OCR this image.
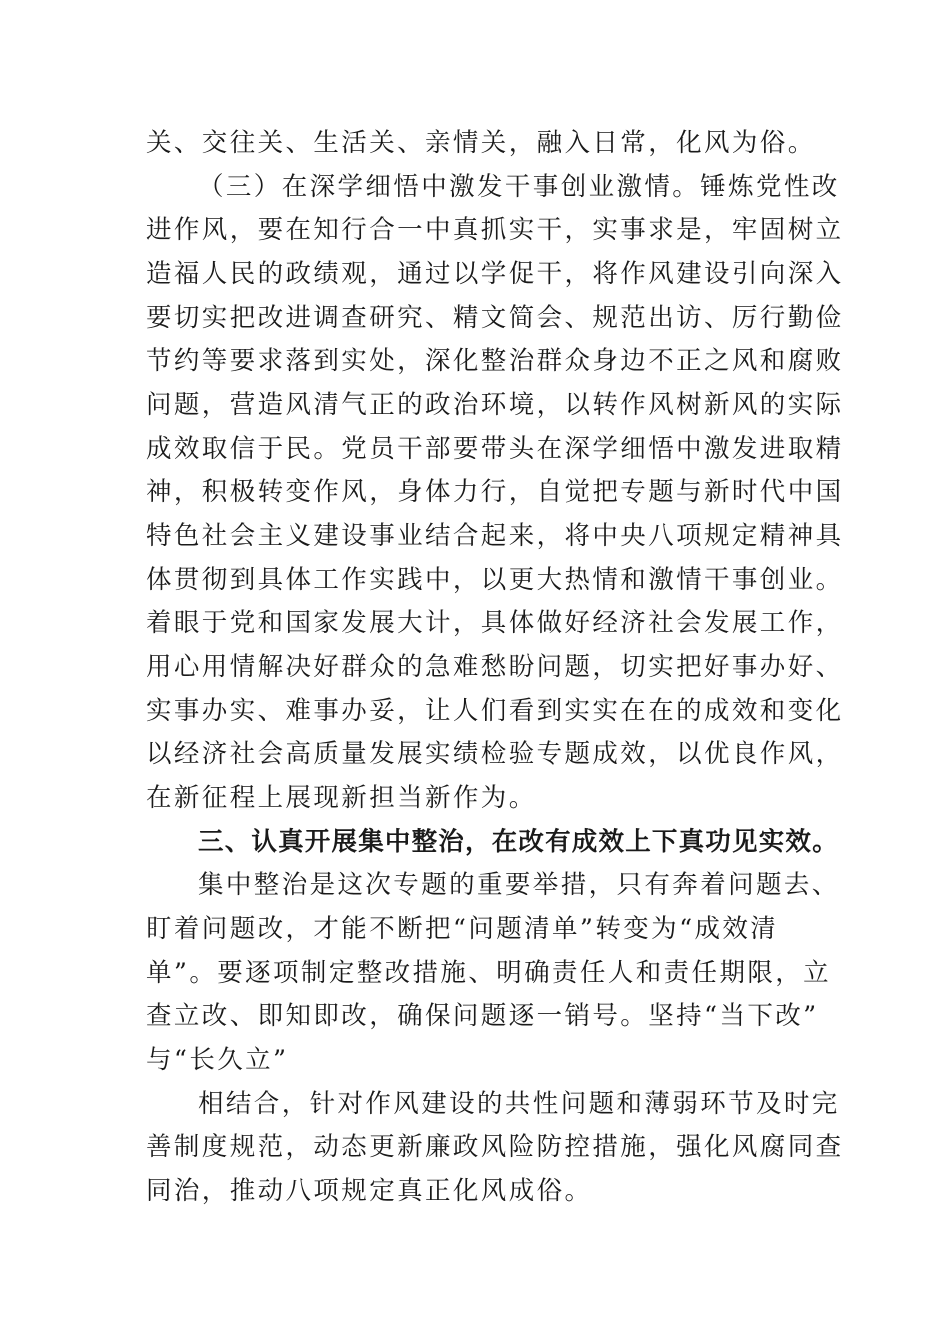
关、交往关、生活关、亲情关，融入日常，化风为俗。
（三）在深学细悟中激发干事创业激情。锤炼党性改
进作风，要在知行合一中真抓实干，实事求是，牢固树立
造福人民的政绩观，通过以学促干，将作风建设引向深入
要切实把改进调查研究、精文简会、规范出访、厉行勤俭
节约等要求落到实处，深化整治群众身边不正之风和腐败
问题，营造风清气正的政治环境，以转作风树新风的实际
成效取信于民。党员干部要带头在深学细悟中激发进取精
神，积极转变作风，身体力行，自觉把专题与新时代中国
特色社会主义建设事业结合起来，将中央八项规定精神具
体贯彻到具体工作实践中，以更大热情和激情干事创业。
着眼于党和国家发展大计，具体做好经济社会发展工作，
用心用情解决好群众的急难愁盼问题，切实把好事办好、
实事办实、难事办妥，让人们看到实实在在的成效和变化
以经济社会高质量发展实绩检验专题成效，以优良作风，
在新征程上展现新担当新作为。
三、认真开展集中整治，在改有成效上下真功见实效。
集中整治是这次专题的重要举措，只有奔着问题去、
盯着问题改，才能不断把“问题清单”转变为“成效清
单”。要逐项制定整改措施、明确责任人和责任期限，立
查立改、即知即改，确保问题逐一销号。坚持“当下改”
与“长久立”
相结合，针对作风建设的共性问题和薄弱环节及时完
善制度规范，动态更新廉政风险防控措施，强化风腐同查
同治，推动八项规定真正化风成俗。
